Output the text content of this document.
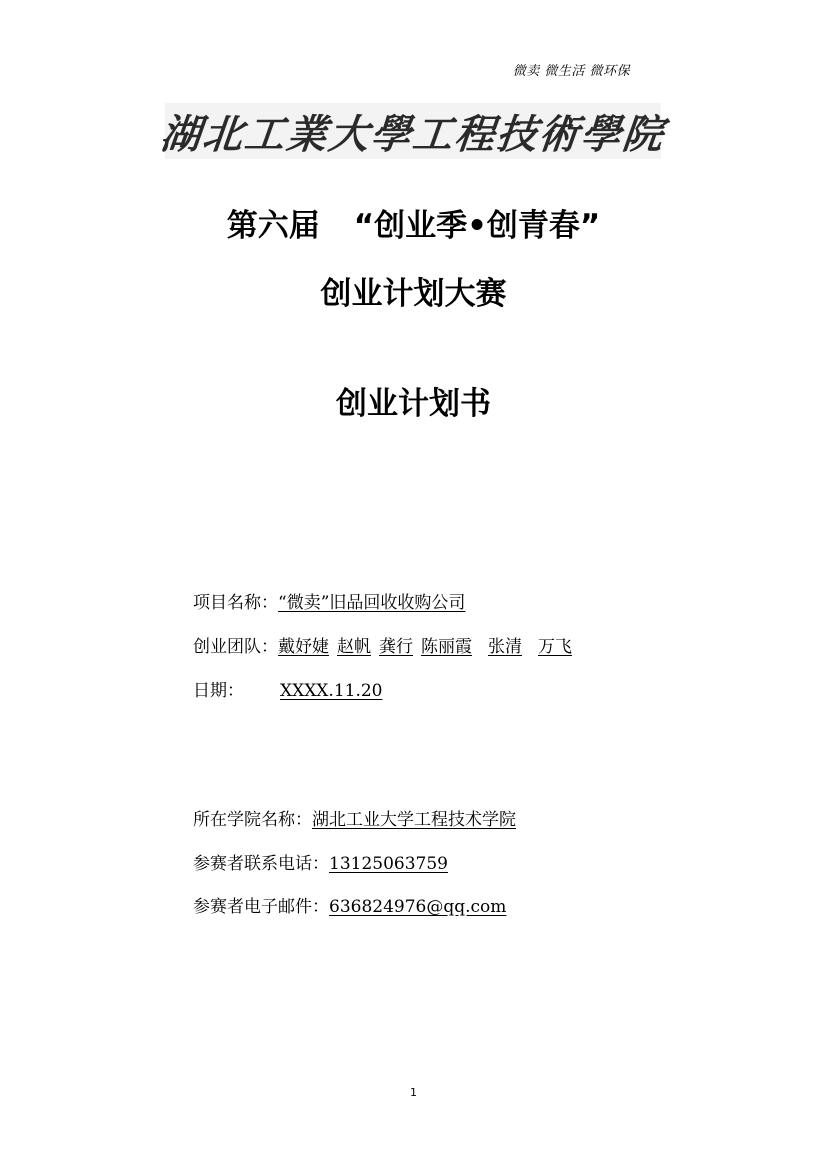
微卖 微生活 微环保
湖北工業大學工程技術學院
第六届 “创业季•创青春”
创业计划大赛
创业计划书
项目名称：“微卖”旧品回收收购公司
创业团队：戴妤婕 赵帆 龚行 陈丽霞 张清 万飞
日期： XXXX.11.20
所在学院名称：湖北工业大学工程技术学院
参赛者联系电话：13125063759
参赛者电子邮件：636824976@qq.com
1
